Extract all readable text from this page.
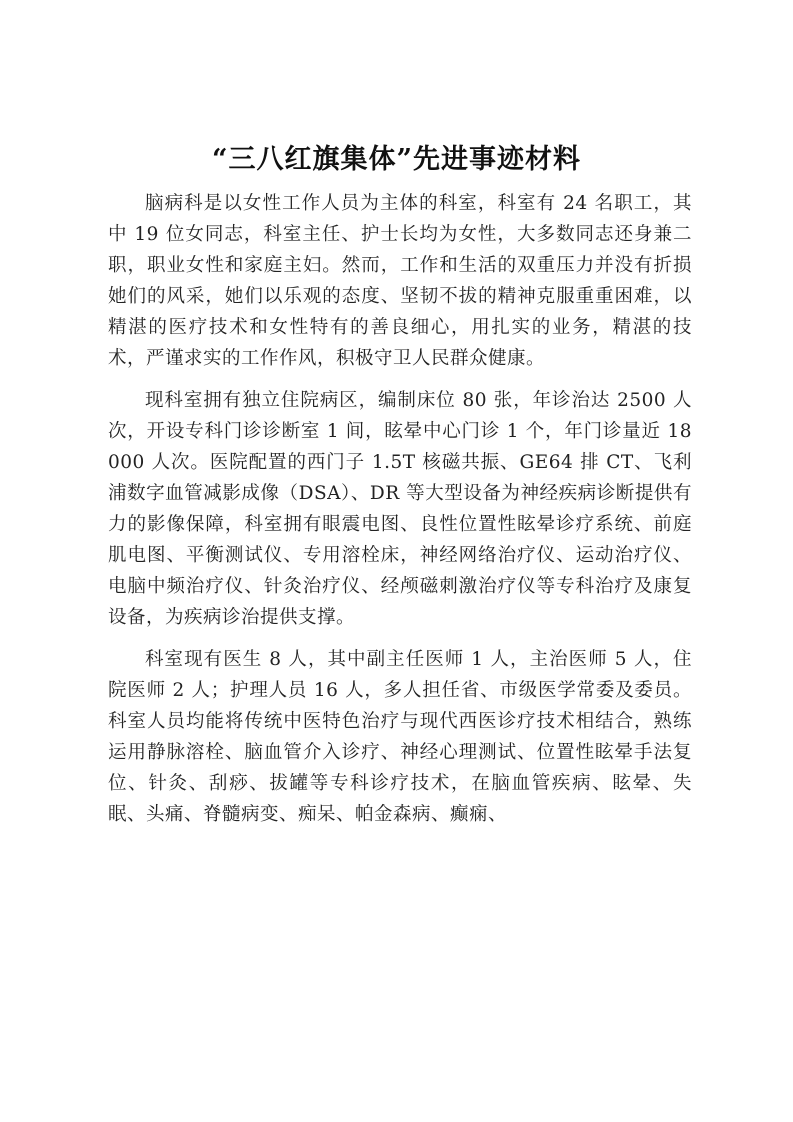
“三八红旗集体”先进事迹材料

脑病科是以女性工作人员为主体的科室，科室有 24 名职工，其中 19 位女同志，科室主任、护士长均为女性，大多数同志还身兼二职，职业女性和家庭主妇。然而，工作和生活的双重压力并没有折损她们的风采，她们以乐观的态度、坚韧不拔的精神克服重重困难，以精湛的医疗技术和女性特有的善良细心，用扎实的业务，精湛的技术，严谨求实的工作作风，积极守卫人民群众健康。

现科室拥有独立住院病区，编制床位 80 张，年诊治达 2500 人次，开设专科门诊诊断室 1 间，眩晕中心门诊 1 个，年门诊量近 18000 人次。医院配置的西门子 1.5T 核磁共振、GE64 排 CT、飞利浦数字血管减影成像（DSA）、DR 等大型设备为神经疾病诊断提供有力的影像保障，科室拥有眼震电图、良性位置性眩晕诊疗系统、前庭肌电图、平衡测试仪、专用溶栓床，神经网络治疗仪、运动治疗仪、电脑中频治疗仪、针灸治疗仪、经颅磁刺激治疗仪等专科治疗及康复设备，为疾病诊治提供支撑。

科室现有医生 8 人，其中副主任医师 1 人，主治医师 5 人，住院医师 2 人；护理人员 16 人，多人担任省、市级医学常委及委员。科室人员均能将传统中医特色治疗与现代西医诊疗技术相结合，熟练运用静脉溶栓、脑血管介入诊疗、神经心理测试、位置性眩晕手法复位、针灸、刮痧、拔罐等专科诊疗技术，在脑血管疾病、眩晕、失眠、头痛、脊髓病变、痴呆、帕金森病、癫痫、
